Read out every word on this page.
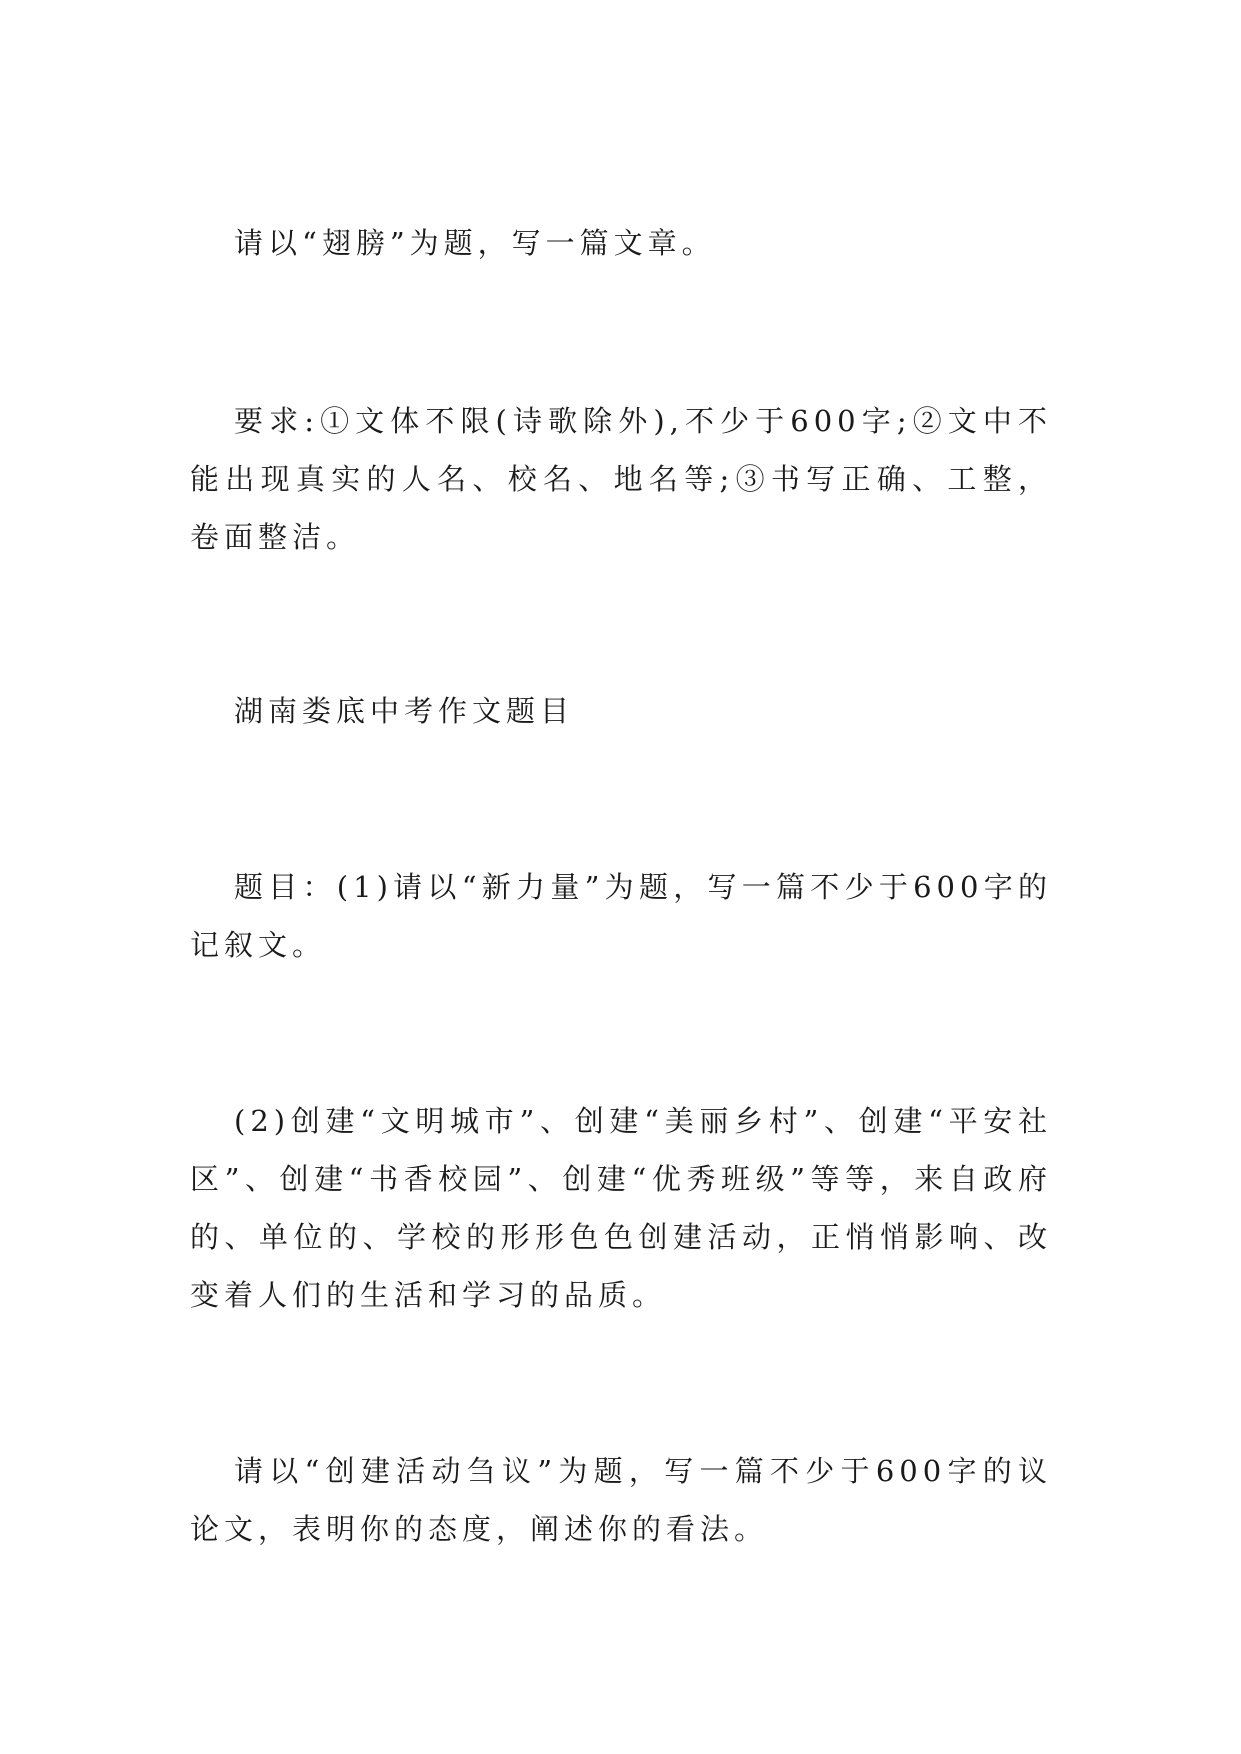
请以“翅膀”为题，写一篇文章。

要求:①文体不限(诗歌除外),不少于600字;②文中不能出现真实的人名、校名、地名等;③书写正确、工整，卷面整洁。

湖南娄底中考作文题目

题目：(1)请以“新力量”为题，写一篇不少于600字的记叙文。

(2)创建“文明城市”、创建“美丽乡村”、创建“平安社区”、创建“书香校园”、创建“优秀班级”等等，来自政府的、单位的、学校的形形色色创建活动，正悄悄影响、改变着人们的生活和学习的品质。

请以“创建活动刍议”为题，写一篇不少于600字的议论文，表明你的态度，阐述你的看法。
